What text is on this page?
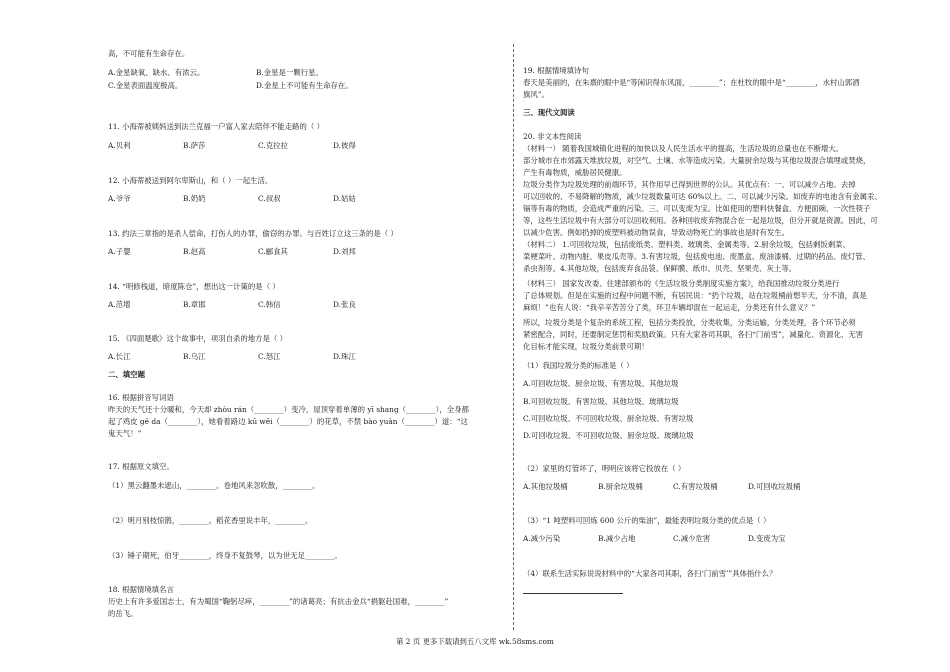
高，不可能有生命存在。
A.金星缺氧、缺水、有浓云。	B.金星是一颗行星。
C.金星表面温度极高。	D.金星上不可能有生命存在。
11. 小海蒂被姨妈送到法兰克福一户富人家去陪伴不能走路的（ ）
A.贝利	B.萨莎	C.克拉拉	D.彼得
12. 小海蒂被送到阿尔卑斯山，和（ ）一起生活。
A.爷爷	B.奶奶	C.叔叔	D.姑姑
13. 约法三章指的是杀人偿命，打伤人的办罪，偷窃的办罪。与百姓订立这三条的是（ ）
A.子婴	B.赵高	C.郦食其	D.刘邦
14. “明修栈道，暗度陈仓”，想出这一计策的是（ ）
A.范增	B.章邯	C.韩信	D.张良
15. 《四面楚歌》这个故事中，项羽自杀的地方是（ ）
A.长江	B.乌江	C.怒江	D.珠江
二、填空题
16. 根据拼音写词语
昨天的天气还十分暖和，今天却 zhòu rán（________）变冷，屋顶穿着单薄的 yī shang（________），全身都
起了鸡皮 gē da（________），她看着路边 kū wěi（________）的花草，不禁 bào yuàn（________）道：“这
鬼天气！”
17. 根据原文填空。
（1）黑云翻墨未遮山，________。卷地风来忽吹散，________。
（2）明月别枝惊鹊，________。稻花香里说丰年，________。
（3）锤子期死，伯牙________，终身不复鼓琴，以为世无足________。
18. 根据情境填名言
历史上有许多爱国志士，有为蜀国“鞠躬尽瘁，________”的诸葛亮；有抗击金兵“捐躯赴国难，________”
的岳飞。
19. 根据情境填诗句
春天是美丽的，在朱熹的眼中是“等闲识得东风面，________”；在杜牧的眼中是“________，水村山郭酒
旗风”。
三、现代文阅读
20. 非文本性阅读
（材料一） 随着我国城镇化进程的加快以及人民生活水平的提高，生活垃圾的总量也在不断增大。
部分城市在市郊露天堆放垃圾，对空气、土壤、水等造成污染。大量厨余垃圾与其他垃圾混合填埋或焚烧，
产生有毒物质，威胁居民健康。
垃圾分类作为垃圾处理的前端环节，其作用早已得到世界的公认。其优点有：一、可以减少占地。去掉
可以回收的、不易降解的物质，减少垃圾数量可达 60%以上。二、可以减少污染。如废弃的电池含有金属汞、
镉等有毒的物质，会造成严重的污染。三、可以变废为宝。比如使用的塑料快餐盒、方便面碗、一次性筷子
等，这些生活垃圾中有大部分可以回收利用。各种回收废弃物混合在一起是垃圾，但分开就是资源。因此，可
以减少危害。例如扔掉的废塑料被动物误食，导致动物死亡的事故也是时有发生。
（材料二） 1.可回收垃圾，包括废纸类、塑料类、玻璃类、金属类等。2.厨余垃圾，包括剩饭剩菜、
菜梗菜叶、动物内脏、果皮瓜壳等。3.有害垃圾，包括废电池、废墨盒、废油漆桶、过期的药品、废灯管、
杀虫剂等。4.其他垃圾，包括废弃食品袋、保鲜膜、纸巾、贝壳、坚果壳、灰土等。
（材料三） 国家发改委、住建部颁布的《生活垃圾分类制度实施方案》，给我国推动垃圾分类进行
了总体规划。但是在实施的过程中问题不断，有居民说：“扔个垃圾，站在垃圾桶前想半天，分不清，真是
麻烦！”也有人说：“我辛辛苦苦分了类，环卫车辆却混在一起运走，分类还有什么意义？”
所以，垃圾分类是个复杂的系统工程，包括分类投放，分类收集，分类运输，分类处理，各个环节必须
紧密配合，同时，还要制定惩罚和奖励政策。只有大家各司其职，各扫“门前雪”，减量化、资源化、无害
化目标才能实现，垃圾分类前景可期！
（1）我国垃圾分类的标准是（ ）
A.可回收垃圾、厨余垃圾、有害垃圾、其他垃圾
B.可回收垃圾、有害垃圾、其他垃圾、玻璃垃圾
C.可回收垃圾、不可回收垃圾、厨余垃圾、有害垃圾
D.可回收垃圾、不可回收垃圾、厨余垃圾、玻璃垃圾
（2）家里的灯管坏了，明明应该将它投放在（ ）
A.其他垃圾桶	B.厨余垃圾桶	C.有害垃圾桶	D.可回收垃圾桶
（3）“1 吨塑料可回炼 600 公斤的柴油”，最能表明垃圾分类的优点是（ ）
A.减少污染	B.减少占地	C.减少危害	D.变废为宝
（4）联系生活实际说说材料中的“大家各司其职，各扫‘门前雪’”具体指什么？
第 2 页 更多下载请到五八文库 wk.58sms.com
